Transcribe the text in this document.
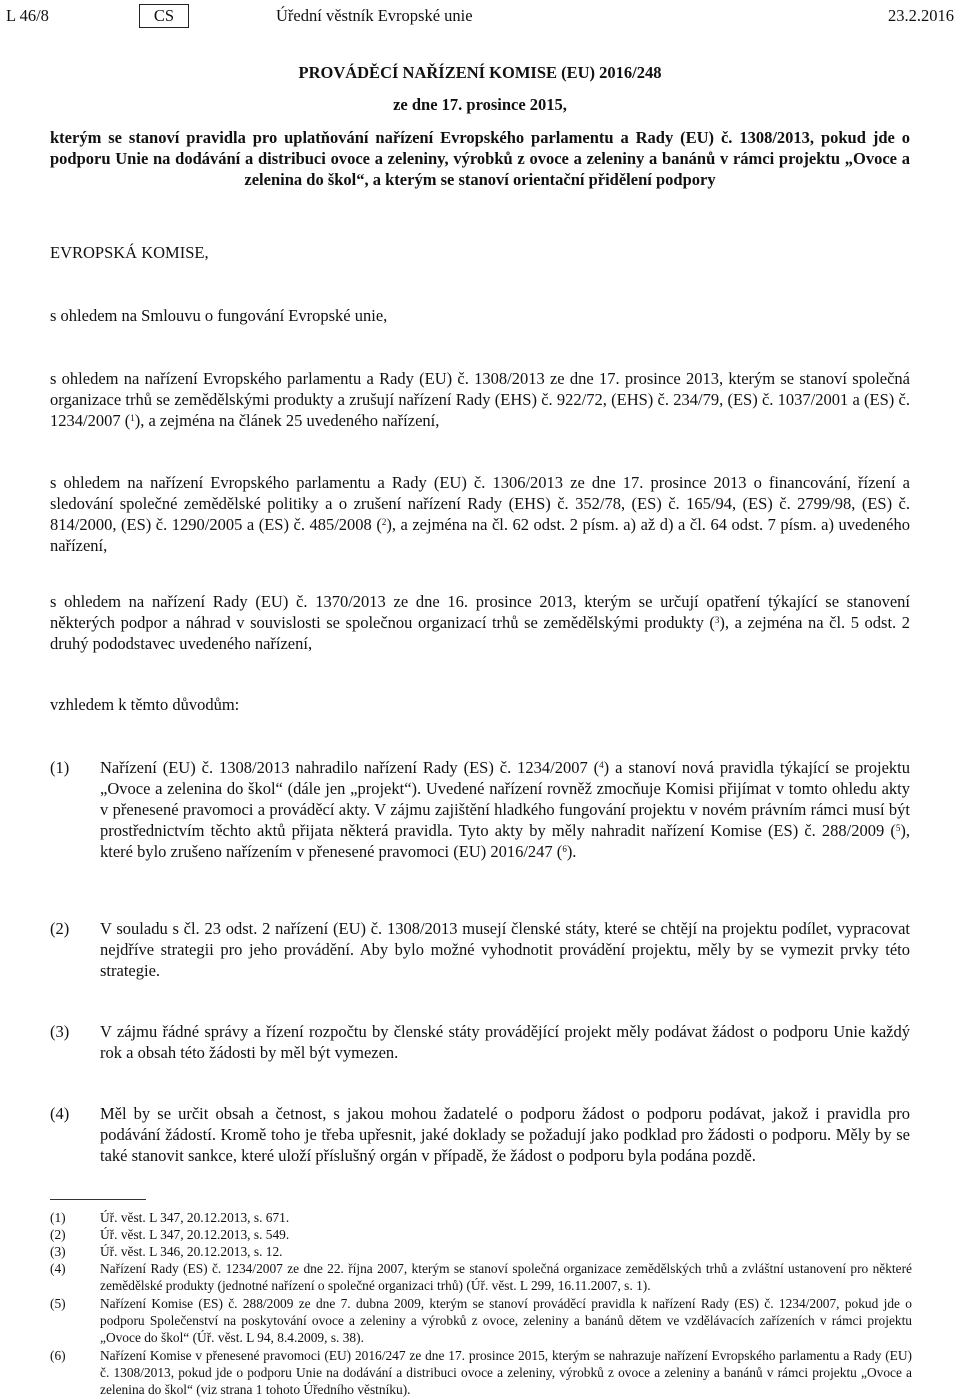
L 46/8	CS	Úřední věstník Evropské unie	23.2.2016
PROVÁDĚCÍ NAŘÍZENÍ KOMISE (EU) 2016/248
ze dne 17. prosince 2015,

kterým se stanoví pravidla pro uplatňování nařízení Evropského parlamentu a Rady (EU) č. 1308/2013, pokud jde o podporu Unie na dodávání a distribuci ovoce a zeleniny, výrobků z ovoce a zeleniny a banánů v rámci projektu „Ovoce a zelenina do škol“, a kterým se stanoví orientační přidělení podpory

EVROPSKÁ KOMISE,

s ohledem na Smlouvu o fungování Evropské unie,

s ohledem na nařízení Evropského parlamentu a Rady (EU) č. 1308/2013 ze dne 17. prosince 2013, kterým se stanoví společná organizace trhů se zemědělskými produkty a zrušují nařízení Rady (EHS) č. 922/72, (EHS) č. 234/79, (ES) č. 1037/2001 a (ES) č. 1234/2007 ($^1$), a zejména na článek 25 uvedeného nařízení,

s ohledem na nařízení Evropského parlamentu a Rady (EU) č. 1306/2013 ze dne 17. prosince 2013 o financování, řízení a sledování společné zemědělské politiky a o zrušení nařízení Rady (EHS) č. 352/78, (ES) č. 165/94, (ES) č. 2799/98, (ES) č. 814/2000, (ES) č. 1290/2005 a (ES) č. 485/2008 ($^2$), a zejména na čl. 62 odst. 2 písm. a) až d) a čl. 64 odst. 7 písm. a) uvedeného nařízení,

s ohledem na nařízení Rady (EU) č. 1370/2013 ze dne 16. prosince 2013, kterým se určují opatření týkající se stanovení některých podpor a náhrad v souvislosti se společnou organizací trhů se zemědělskými produkty ($^3$), a zejména na čl. 5 odst. 2 druhý pododstavec uvedeného nařízení,

vzhledem k těmto důvodům:

(1) Nařízení (EU) č. 1308/2013 nahradilo nařízení Rady (ES) č. 1234/2007 ($^4$) a stanoví nová pravidla týkající se projektu „Ovoce a zelenina do škol“ (dále jen „projekt“). Uvedené nařízení rovněž zmocňuje Komisi přijímat v tomto ohledu akty v přenesené pravomoci a prováděcí akty. V zájmu zajištění hladkého fungování projektu v novém právním rámci musí být prostřednictvím těchto aktů přijata některá pravidla. Tyto akty by měly nahradit nařízení Komise (ES) č. 288/2009 ($^5$), které bylo zrušeno nařízením v přenesené pravomoci (EU) 2016/247 ($^6$).
(2) V souladu s čl. 23 odst. 2 nařízení (EU) č. 1308/2013 musejí členské státy, které se chtějí na projektu podílet, vypracovat nejdříve strategii pro jeho provádění. Aby bylo možné vyhodnotit provádění projektu, měly by se vymezit prvky této strategie.
(3) V zájmu řádné správy a řízení rozpočtu by členské státy provádějící projekt měly podávat žádost o podporu Unie každý rok a obsah této žádosti by měl být vymezen.
(4) Měl by se určit obsah a četnost, s jakou mohou žadatelé o podporu žádost o podporu podávat, jakož i pravidla pro podávání žádostí. Kromě toho je třeba upřesnit, jaké doklady se požadují jako podklad pro žádosti o podporu. Měly by se také stanovit sankce, které uloží příslušný orgán v případě, že žádost o podporu byla podána pozdě.
(1)	Úř. věst. L 347, 20.12.2013, s. 671.
(2)	Úř. věst. L 347, 20.12.2013, s. 549.
(3)	Úř. věst. L 346, 20.12.2013, s. 12.
(4)	Nařízení Rady (ES) č. 1234/2007 ze dne 22. října 2007, kterým se stanoví společná organizace zemědělských trhů a zvláštní ustanovení pro některé zemědělské produkty (jednotné nařízení o společné organizaci trhů) (Úř. věst. L 299, 16.11.2007, s. 1).
(5)	Nařízení Komise (ES) č. 288/2009 ze dne 7. dubna 2009, kterým se stanoví prováděcí pravidla k nařízení Rady (ES) č. 1234/2007, pokud jde o podporu Společenství na poskytování ovoce a zeleniny a výrobků z ovoce, zeleniny a banánů dětem ve vzdělávacích zařízeních v rámci projektu „Ovoce do škol“ (Úř. věst. L 94, 8.4.2009, s. 38).
(6)	Nařízení Komise v přenesené pravomoci (EU) 2016/247 ze dne 17. prosince 2015, kterým se nahrazuje nařízení Evropského parlamentu a Rady (EU) č. 1308/2013, pokud jde o podporu Unie na dodávání a distribuci ovoce a zeleniny, výrobků z ovoce a zeleniny a banánů v rámci projektu „Ovoce a zelenina do škol“ (viz strana 1 tohoto Úředního věstníku).
